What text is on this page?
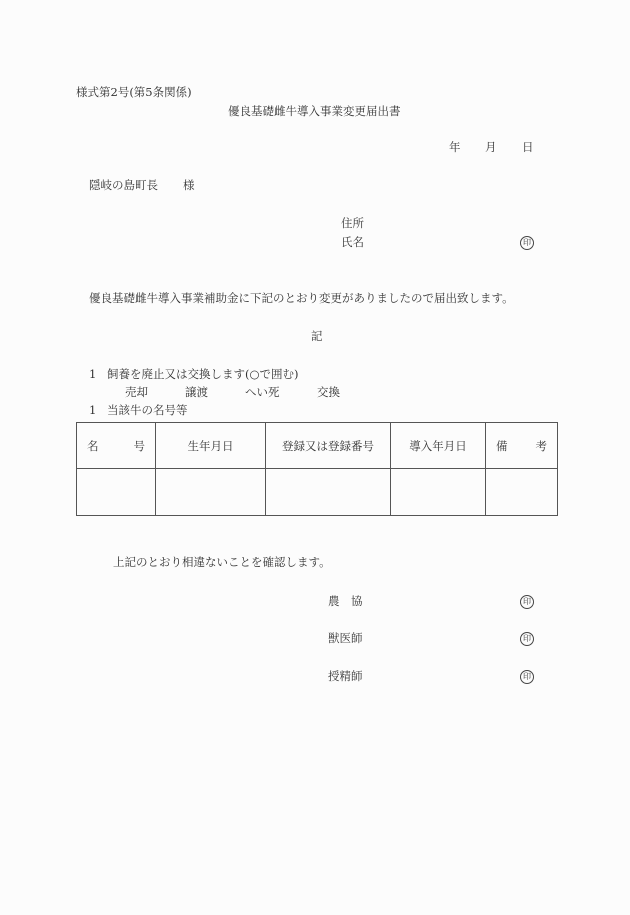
様式第2号(第5条関係)
優良基礎雌牛導入事業変更届出書
年 月 日
隠岐の島町長 様
住所
氏名	印
優良基礎雌牛導入事業補助金に下記のとおり変更がありましたので届出致します。
記
1 飼養を廃止又は交換します(○で囲む)
売却	譲渡	へい死	交換
1 当該牛の名号等
名 号	生年月日	登録又は登録番号	導入年月日	備 考

上記のとおり相違ないことを確認します。
農　協	印
獣医師	印
授精師	印
